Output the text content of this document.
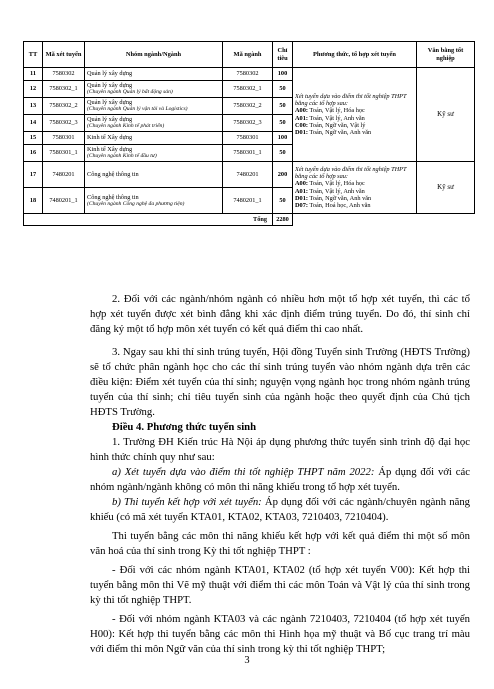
TT	Mã xét tuyển	Nhóm ngành/Ngành	Mã ngành	Chỉ tiêu	Phương thức, tổ hợp xét tuyển	Văn bằng tốt nghiệp
11	7580302	Quản lý xây dựng	7580302	100	Xét tuyển dựa vào điểm thi tốt nghiệp THPT bằng các tổ hợp sau:
A00: Toán, Vật lý, Hóa học
A01: Toán, Vật lý, Anh văn
C00: Toán, Ngữ văn, Vật lý
D01: Toán, Ngữ văn, Anh văn	Kỹ sư
12	7580302_1	Quản lý xây dựng
(Chuyên ngành Quản lý bất động sản)	7580302_1	50		
13	7580302_2	Quản lý xây dựng
(Chuyên ngành Quản lý vận tải và Logistics)	7580302_2	50		
14	7580302_3	Quản lý xây dựng
(Chuyên ngành Kinh tế phát triển)	7580302_3	50		
15	7580301	Kinh tế Xây dựng	7580301	100		
16	7580301_1	Kinh tế Xây dựng
(Chuyên ngành Kinh tế đầu tư)	7580301_1	50		
17	7480201	Công nghệ thông tin	7480201	200	Xét tuyển dựa vào điểm thi tốt nghiệp THPT bằng các tổ hợp sau:
A00: Toán, Vật lý, Hóa học
A01: Toán, Vật lý, Anh văn
D01: Toán, Ngữ văn, Anh văn
D07: Toán, Hoá học, Anh văn	Kỹ sư
18	7480201_1	Công nghệ thông tin
(Chuyên ngành Công nghệ đa phương tiện)	7480201_1	50		
Tổng				2280		

2. Đối với các ngành/nhóm ngành có nhiều hơn một tổ hợp xét tuyển, thì các tổ hợp xét tuyển được xét bình đẳng khi xác định điểm trúng tuyển. Do đó, thí sinh chỉ đăng ký một tổ hợp môn xét tuyển có kết quả điểm thi cao nhất.

3. Ngay sau khi thí sinh trúng tuyển, Hội đồng Tuyển sinh Trường (HĐTS Trường) sẽ tổ chức phân ngành học cho các thí sinh trúng tuyển vào nhóm ngành dựa trên các điều kiện: Điểm xét tuyển của thí sinh; nguyện vọng ngành học trong nhóm ngành trúng tuyển của thí sinh; chỉ tiêu tuyển sinh của ngành hoặc theo quyết định của Chủ tịch HĐTS Trường.

Điều 4. Phương thức tuyển sinh

1. Trường ĐH Kiến trúc Hà Nội áp dụng phương thức tuyển sinh trình độ đại học hình thức chính quy như sau:

a) Xét tuyển dựa vào điểm thi tốt nghiệp THPT năm 2022: Áp dụng đối với các nhóm ngành/ngành không có môn thi năng khiếu trong tổ hợp xét tuyển.

b) Thi tuyển kết hợp với xét tuyển: Áp dụng đối với các ngành/chuyên ngành năng khiếu (có mã xét tuyển KTA01, KTA02, KTA03, 7210403, 7210404).

Thi tuyển bằng các môn thi năng khiếu kết hợp với kết quả điểm thi một số môn văn hoá của thí sinh trong Kỳ thi tốt nghiệp THPT :

- Đối với các nhóm ngành KTA01, KTA02 (tổ hợp xét tuyển V00): Kết hợp thi tuyển bằng môn thi Vẽ mỹ thuật với điểm thi các môn Toán và Vật lý của thí sinh trong kỳ thi tốt nghiệp THPT.

- Đối với nhóm ngành KTA03 và các ngành 7210403, 7210404 (tổ hợp xét tuyển H00): Kết hợp thi tuyển bằng các môn thi Hình họa mỹ thuật và Bố cục trang trí màu với điểm thi môn Ngữ văn của thí sinh trong kỳ thi tốt nghiệp THPT;

3
